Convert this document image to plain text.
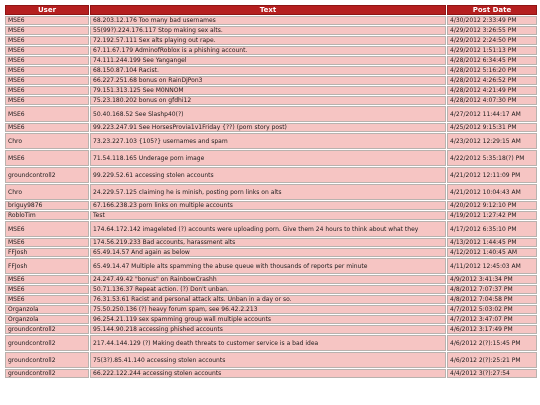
User	Text	Post Date
MSE6	68.203.12.176 Too many bad usernames	4/30/2012 2:33:49 PM
MSE6	55(99?).224.176.117 Stop making sex alts.	4/29/2012 3:26:55 PM
MSE6	72.192.57.111 Sex alts playing out rape.	4/29/2012 2:24:50 PM
MSE6	67.11.67.179 AdminofRoblox is a phishing account.	4/29/2012 1:51:13 PM
MSE6	74.111.244.199 See Yangangel	4/28/2012 6:34:45 PM
MSE6	68.150.87.104 Racist.	4/28/2012 5:16:20 PM
MSE6	66.227.251.68 bonus on RainDjPon3	4/28/2012 4:26:52 PM
MSE6	79.151.313.125 See M0NNOM	4/28/2012 4:21:49 PM
MSE6	75.23.180.202 bonus on gfdhi12	4/28/2012 4:07:30 PM
MSE6	50.40.168.52 See Slashp40(?)	4/27/2012 11:44:17 AM
MSE6	99.223.247.91 See HorsesProvia1v1Friday {??) (porn story post)	4/25/2012 9:15:31 PM
Chro	73.23.227.103 {105?} usernames and spam	4/23/2012 12:29:15 AM
MSE6	71.54.118.165 Underage porn image	4/22/2012 5:35:18(?) PM
groundcontroll2	99.229.52.61 accessing stolen accounts	4/21/2012 12:11:09 PM
Chro	24.229.57.125 claiming he is minish, posting porn links on alts	4/21/2012 10:04:43 AM
briguy9876	67.166.238.23 porn links on multiple accounts	4/20/2012 9:12:10 PM
RobloTim	Test	4/19/2012 1:27:42 PM
MSE6	174.64.172.142 imageleted (?) accounts were uploading porn. Give them 24 hours to think about what they	4/17/2012 6:35:10 PM
MSE6	174.56.219.233 Bad accounts, harassment alts	4/13/2012 1:44:45 PM
FFJosh	65.49.14.57 And again as below	4/12/2012 1:40:45 AM
FFJosh	65.49.14.47 Multiple alts spamming the abuse queue with thousands of reports per minute	4/11/2012 12:45:03 AM
MSE6	24.247.49.42 "bonus" on RainbowCrashh	4/9/2012 3:41:34 PM
MSE6	50.71.136.37 Repeat action. (?) Don't unban.	4/8/2012 7:07:37 PM
MSE6	76.31.53.61 Racist and personal attack alts. Unban in a day or so.	4/8/2012 7:04:58 PM
Organzola	75.50.250.136 (?) heavy forum spam, see 96.42.2.213	4/7/2012 5:03:02 PM
Organzola	96.254.21.119 sex spamming group wall multiple accounts	4/7/2012 3:47:07 PM
groundcontroll2	95.144.90.218 accessing phished accounts	4/6/2012 3:17:49 PM
groundcontroll2	217.44.144.129 (?) Making death threats to customer service is a bad idea	4/6/2012 2(?):15:45 PM
groundcontroll2	75(3?).85.41.140 accessing stolen accounts	4/6/2012 2(?):25:21 PM
groundcontroll2	66.222.122.244 accessing stolen accounts	4/4/2012 3(?):27:54
